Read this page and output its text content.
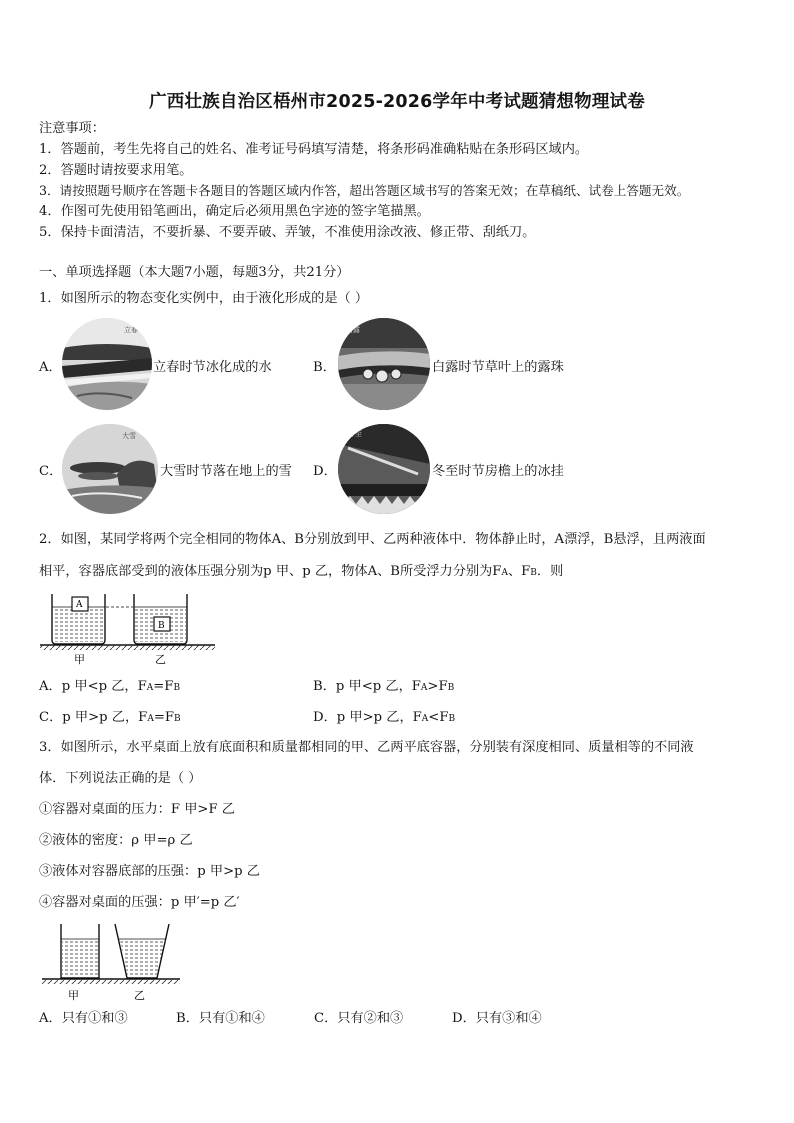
广西壮族自治区梧州市2025-2026学年中考试题猜想物理试卷
注意事项：
1．答题前，考生先将自己的姓名、准考证号码填写清楚，将条形码准确粘贴在条形码区域内。
2．答题时请按要求用笔。
3．请按照题号顺序在答题卡各题目的答题区域内作答，超出答题区域书写的答案无效；在草稿纸、试卷上答题无效。
4．作图可先使用铅笔画出，确定后必须用黑色字迹的签字笔描黑。
5．保持卡面清洁，不要折暴、不要弄破、弄皱，不准使用涂改液、修正带、刮纸刀。
一、单项选择题（本大题7小题，每题3分，共21分）
1．如图所示的物态变化实例中，由于液化形成的是（ ）
A．
立春
立春时节冰化成的水	B．
白露
白露时节草叶上的露珠
C．
大雪
大雪时节落在地上的雪 D．
冬至
冬至时节房檐上的冰挂
2．如图，某同学将两个完全相同的物体A、B分别放到甲、乙两种液体中．物体静止时，A漂浮，B悬浮，且两液面
相平，容器底部受到的液体压强分别为p 甲、p 乙，物体A、B所受浮力分别为FA、FB．则
A
B
甲	乙
A．p 甲<p 乙，FA=FB	B．p 甲<p 乙，FA>FB
C．p 甲>p 乙，FA=FB	D．p 甲>p 乙，FA<FB
3．如图所示，水平桌面上放有底面积和质量都相同的甲、乙两平底容器，分别装有深度相同、质量相等的不同液
体．下列说法正确的是（ ）
①容器对桌面的压力：F 甲>F 乙
②液体的密度：ρ 甲=ρ 乙
③液体对容器底部的压强：p 甲>p 乙
④容器对桌面的压强：p 甲′=p 乙′
甲	乙
A．只有①和③	B．只有①和④	C．只有②和③	D．只有③和④
